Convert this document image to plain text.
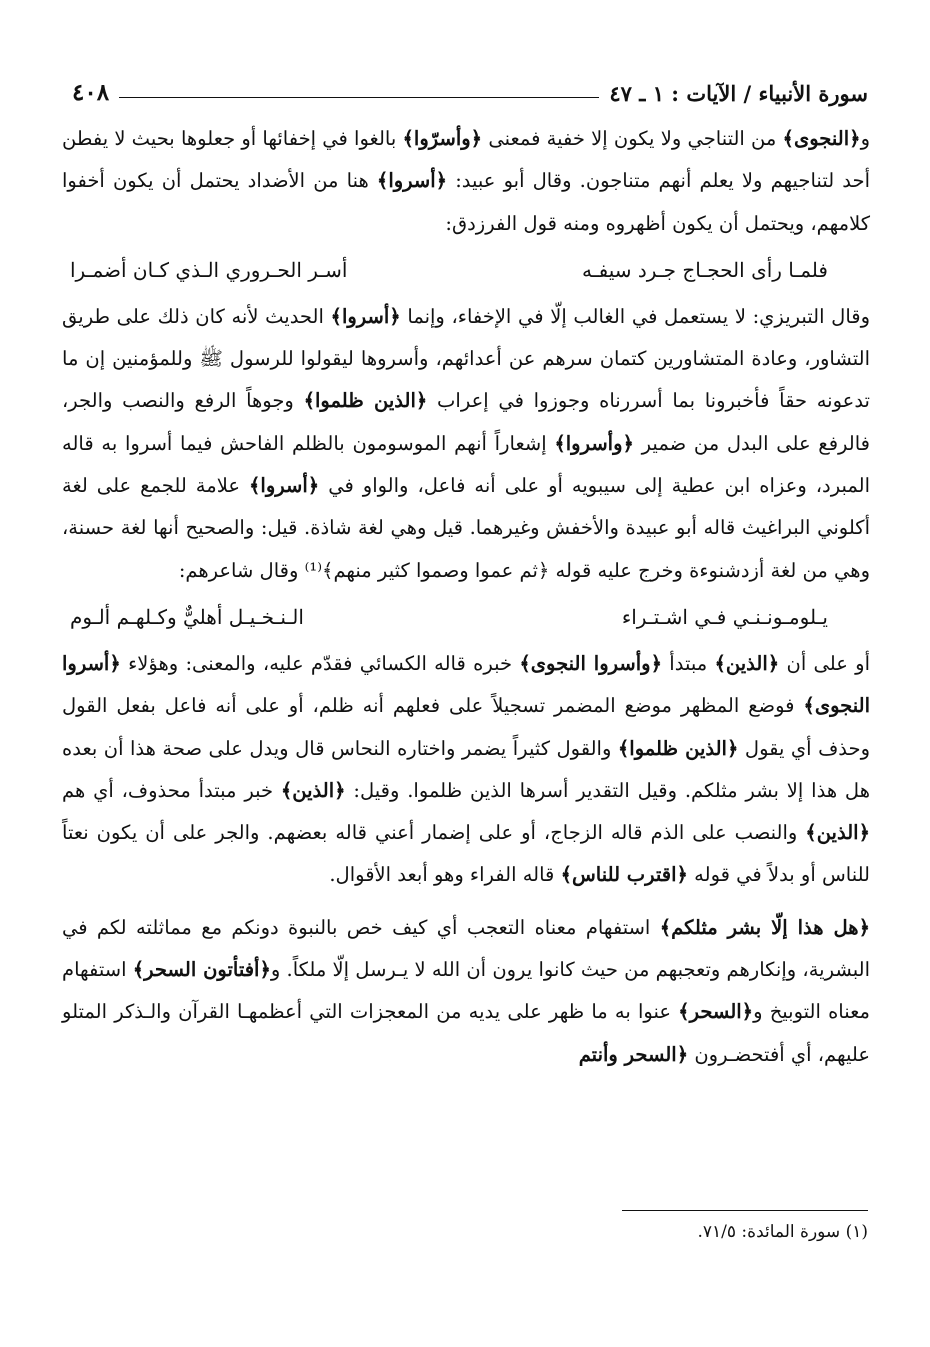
٤٠٨	سورة الأنبياء / الآيات : ١ ـ ٤٧

و﴿النجوى﴾ من التناجي ولا يكون إلا خفية فمعنى ﴿وأسرّوا﴾ بالغوا في إخفائها أو جعلوها بحيث لا يفطن أحد لتناجيهم ولا يعلم أنهم متناجون. وقال أبو عبيد: ﴿أسروا﴾ هنا من الأضداد يحتمل أن يكون أخفوا كلامهم، ويحتمل أن يكون أظهروه ومنه قول الفرزدق:

فلمـا رأى الحجـاج جـرد سيفـه
أسـر الحـروري الـذي كـان أضمـرا

وقال التبريزي: لا يستعمل في الغالب إلّا في الإخفاء، وإنما ﴿أسروا﴾ الحديث لأنه كان ذلك على طريق التشاور، وعادة المتشاورين كتمان سرهم عن أعدائهم، وأسروها ليقولوا للرسول ﷺ وللمؤمنين إن ما تدعونه حقاً فأخبرونا بما أسررناه وجوزوا في إعراب ﴿الذين ظلموا﴾ وجوهاً الرفع والنصب والجر، فالرفع على البدل من ضمير ﴿وأسروا﴾ إشعاراً أنهم الموسومون بالظلم الفاحش فيما أسروا به قاله المبرد، وعزاه ابن عطية إلى سيبويه أو على أنه فاعل، والواو في ﴿أسروا﴾ علامة للجمع على لغة أكلوني البراغيث قاله أبو عبيدة والأخفش وغيرهما. قيل وهي لغة شاذة. قيل: والصحيح أنها لغة حسنة، وهي من لغة أزدشنوءة وخرج عليه قوله ﴿ثم عموا وصموا كثير منهم﴾⁽¹⁾ وقال شاعرهم:

يـلومـونـنـي فـي اشـتـراء
الـنـخـيـل أهليٌّ وكـلهـم ألـوم

أو على أن ﴿الذين﴾ مبتدأ ﴿وأسروا النجوى﴾ خبره قاله الكسائي فقدّم عليه، والمعنى: وهؤلاء ﴿أسروا النجوى﴾ فوضع المظهر موضع المضمر تسجيلاً على فعلهم أنه ظلم، أو على أنه فاعل بفعل القول وحذف أي يقول ﴿الذين ظلموا﴾ والقول كثيراً يضمر واختاره النحاس قال ويدل على صحة هذا أن بعده هل هذا إلا بشر مثلكم. وقيل التقدير أسرها الذين ظلموا. وقيل: ﴿الذين﴾ خبر مبتدأ محذوف، أي هم ﴿الذين﴾ والنصب على الذم قاله الزجاج، أو على إضمار أعني قاله بعضهم. والجر على أن يكون نعتاً للناس أو بدلاً في قوله ﴿اقترب للناس﴾ قاله الفراء وهو أبعد الأقوال.

﴿هل هذا إلّا بشر مثلكم﴾ استفهام معناه التعجب أي كيف خص بالنبوة دونكم مع مماثلته لكم في البشرية، وإنكارهم وتعجبهم من حيث كانوا يرون أن الله لا يـرسل إلّا ملكاً. و﴿أفتأتون السحر﴾ استفهام معناه التوبيخ و﴿السحر﴾ عنوا به ما ظهر على يديه من المعجزات التي أعظمهـا القرآن والـذكر المتلو عليهم، أي أفتحضـرون ﴿السحر وأنتم

(١) سورة المائدة: ٧١/٥.
